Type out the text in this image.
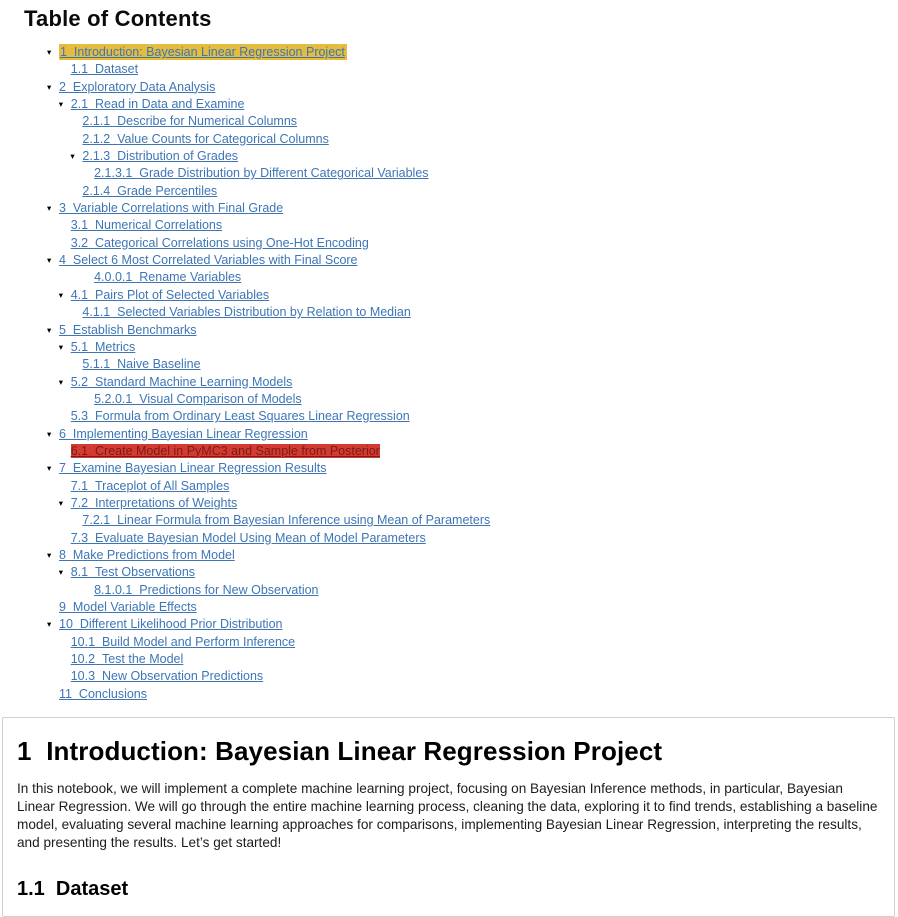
Table of Contents
▾ 1  Introduction: Bayesian Linear Regression Project
1.1  Dataset
▾ 2  Exploratory Data Analysis
▾ 2.1  Read in Data and Examine
2.1.1  Describe for Numerical Columns
2.1.2  Value Counts for Categorical Columns
▾ 2.1.3  Distribution of Grades
2.1.3.1  Grade Distribution by Different Categorical Variables
2.1.4  Grade Percentiles
▾ 3  Variable Correlations with Final Grade
3.1  Numerical Correlations
3.2  Categorical Correlations using One-Hot Encoding
▾ 4  Select 6 Most Correlated Variables with Final Score
4.0.0.1  Rename Variables
▾ 4.1  Pairs Plot of Selected Variables
4.1.1  Selected Variables Distribution by Relation to Median
▾ 5  Establish Benchmarks
▾ 5.1  Metrics
5.1.1  Naive Baseline
▾ 5.2  Standard Machine Learning Models
5.2.0.1  Visual Comparison of Models
5.3  Formula from Ordinary Least Squares Linear Regression
▾ 6  Implementing Bayesian Linear Regression
6.1  Create Model in PyMC3 and Sample from Posterior
▾ 7  Examine Bayesian Linear Regression Results
7.1  Traceplot of All Samples
▾ 7.2  Interpretations of Weights
7.2.1  Linear Formula from Bayesian Inference using Mean of Parameters
7.3  Evaluate Bayesian Model Using Mean of Model Parameters
▾ 8  Make Predictions from Model
▾ 8.1  Test Observations
8.1.0.1  Predictions for New Observation
9  Model Variable Effects
▾ 10  Different Likelihood Prior Distribution
10.1  Build Model and Perform Inference
10.2  Test the Model
10.3  New Observation Predictions
11  Conclusions
1  Introduction: Bayesian Linear Regression Project

In this notebook, we will implement a complete machine learning project, focusing on Bayesian Inference methods, in particular, Bayesian Linear Regression. We will go through the entire machine learning process, cleaning the data, exploring it to find trends, establishing a baseline model, evaluating several machine learning approaches for comparisons, implementing Bayesian Linear Regression, interpreting the results, and presenting the results. Let’s get started!

1.1  Dataset
